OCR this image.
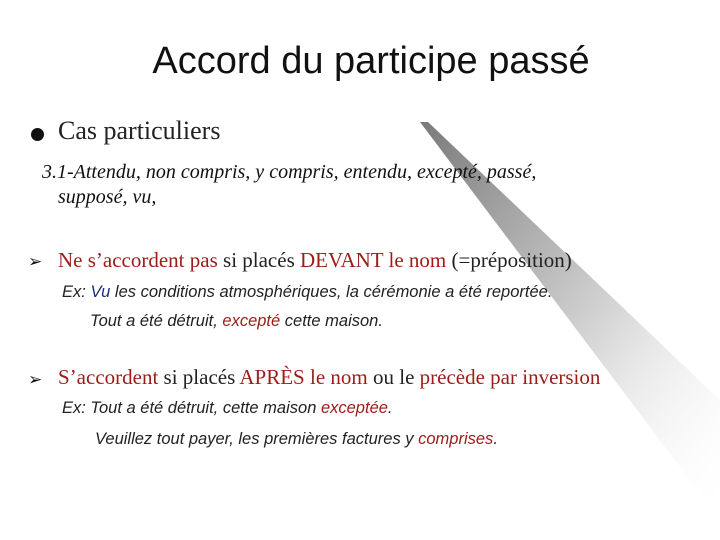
Accord du participe passé
Cas particuliers
3.1-Attendu, non compris, y compris, entendu, excepté, passé,
supposé, vu,
➢ Ne s’accordent pas si placés DEVANT le nom (=préposition)
Ex: Vu les conditions atmosphériques, la cérémonie a été reportée.
Tout a été détruit, excepté cette maison.
➢ S’accordent si placés APRÈS le nom ou le précède par inversion
Ex: Tout a été détruit, cette maison exceptée.
Veuillez tout payer, les premières factures y comprises.
